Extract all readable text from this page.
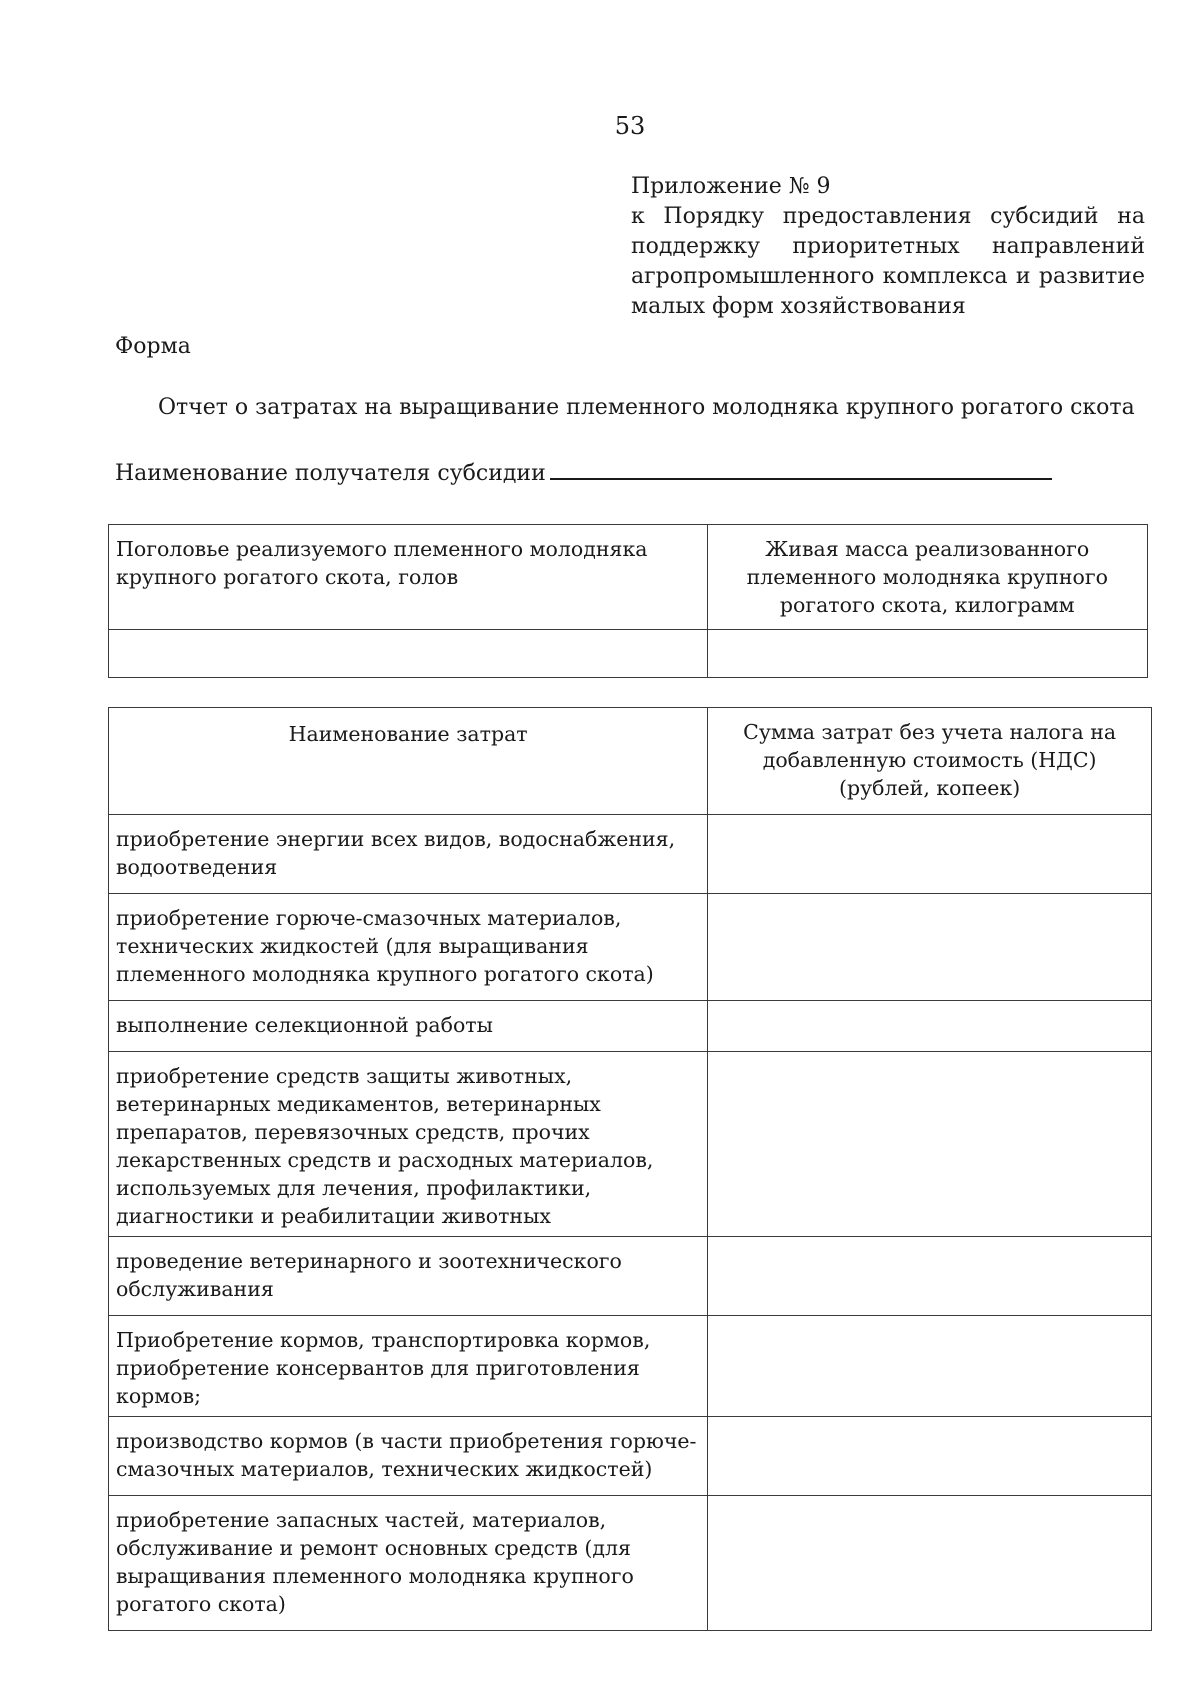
53
Приложение № 9
к Порядку предоставления субсидий на поддержку приоритетных направлений агропромышленного комплекса и развитие малых форм хозяйствования
Форма
Отчет о затратах на выращивание племенного молодняка крупного рогатого скота
Наименование получателя субсидии
Поголовье реализуемого племенного молодняка крупного рогатого скота, голов	Живая масса реализованного племенного молодняка крупного рогатого скота, килограмм

Наименование затрат	Сумма затрат без учета налога на добавленную стоимость (НДС) (рублей, копеек)
приобретение энергии всех видов, водоснабжения, водоотведения	
приобретение горюче-смазочных материалов, технических жидкостей (для выращивания племенного молодняка крупного рогатого скота)	
выполнение селекционной работы	
приобретение средств защиты животных, ветеринарных медикаментов, ветеринарных препаратов, перевязочных средств, прочих лекарственных средств и расходных материалов, используемых для лечения, профилактики, диагностики и реабилитации животных	
проведение ветеринарного и зоотехнического обслуживания	
Приобретение кормов, транспортировка кормов, приобретение консервантов для приготовления кормов;	
производство кормов (в части приобретения горюче-смазочных материалов, технических жидкостей)	
приобретение запасных частей, материалов, обслуживание и ремонт основных средств (для выращивания племенного молодняка крупного рогатого скота)	
